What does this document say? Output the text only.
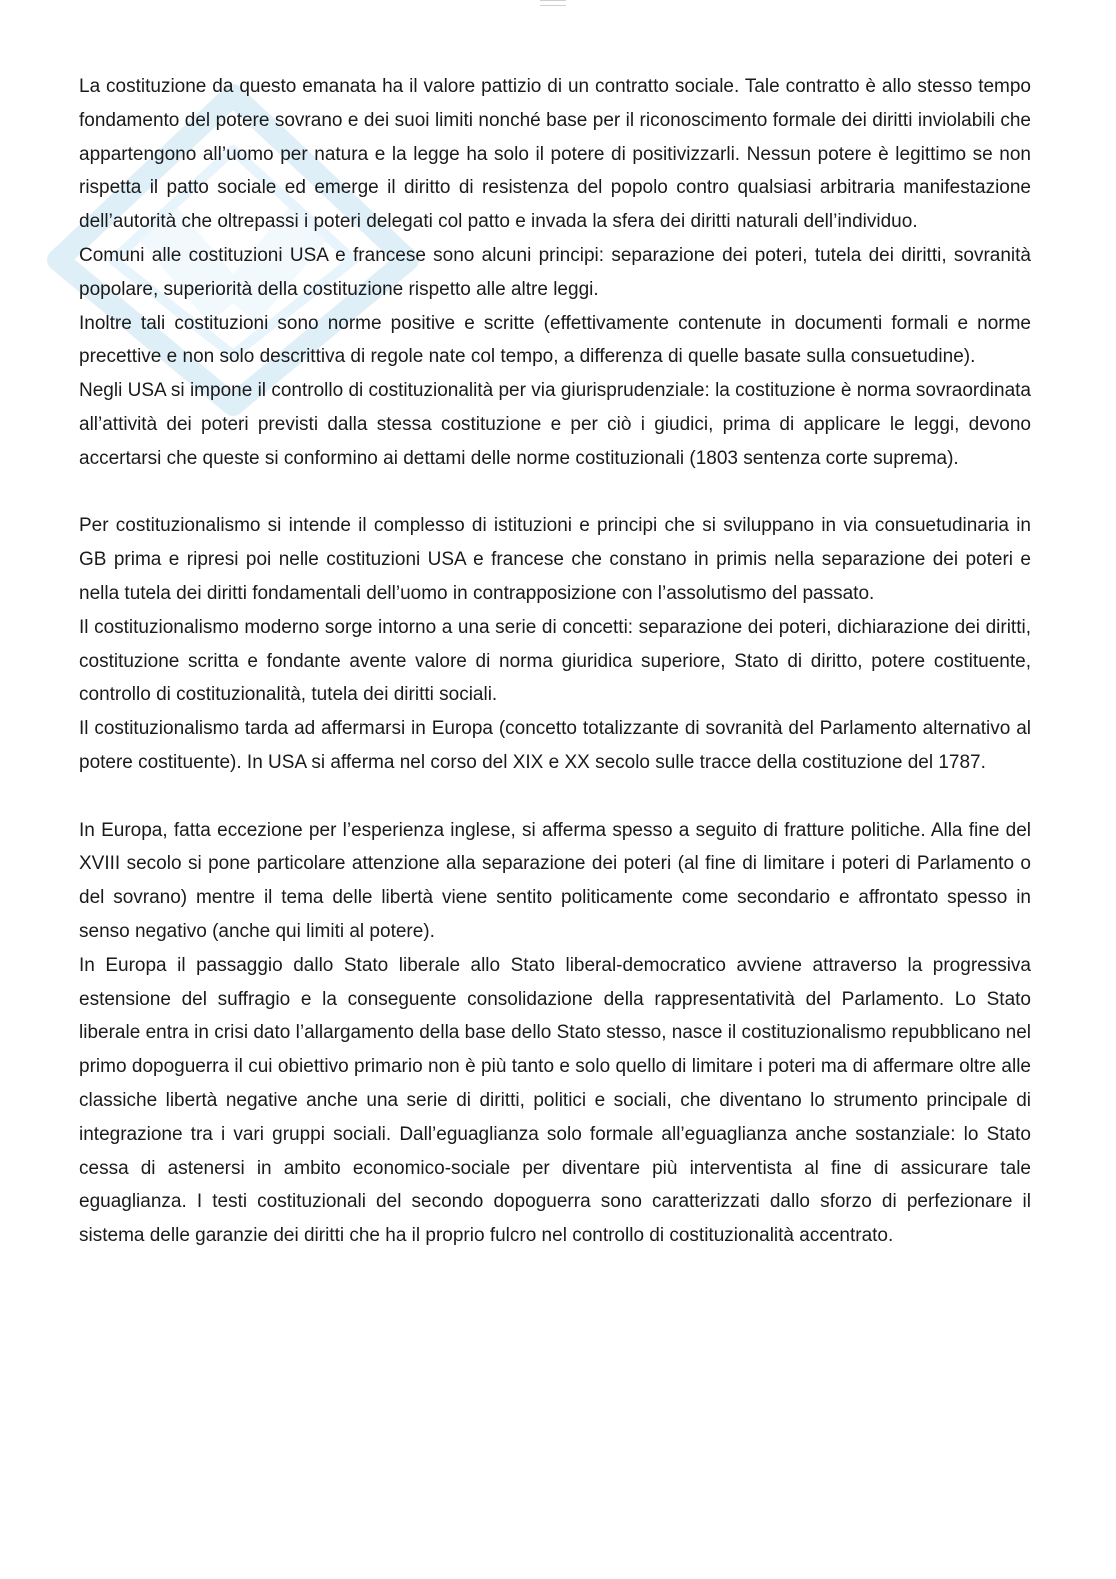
La costituzione da questo emanata ha il valore pattizio di un contratto sociale. Tale contratto è allo stesso tempo fondamento del potere sovrano e dei suoi limiti nonché base per il riconoscimento formale dei diritti inviolabili che appartengono all’uomo per natura e la legge ha solo il potere di positivizzarli. Nessun potere è legittimo se non rispetta il patto sociale ed emerge il diritto di resistenza del popolo contro qualsiasi arbitraria manifestazione dell’autorità che oltrepassi i poteri delegati col patto e invada la sfera dei diritti naturali dell’individuo.

Comuni alle costituzioni USA e francese sono alcuni principi: separazione dei poteri, tutela dei diritti, sovranità popolare, superiorità della costituzione rispetto alle altre leggi.

Inoltre tali costituzioni sono norme positive e scritte (effettivamente contenute in documenti formali e norme precettive e non solo descrittiva di regole nate col tempo, a differenza di quelle basate sulla consuetudine).

Negli USA si impone il controllo di costituzionalità per via giurisprudenziale: la costituzione è norma sovraordinata all’attività dei poteri previsti dalla stessa costituzione e per ciò i giudici, prima di applicare le leggi, devono accertarsi che queste si conformino ai dettami delle norme costituzionali (1803 sentenza corte suprema).

Per costituzionalismo si intende il complesso di istituzioni e principi che si sviluppano in via consuetudinaria in GB prima e ripresi poi nelle costituzioni USA e francese che constano in primis nella separazione dei poteri e nella tutela dei diritti fondamentali dell’uomo in contrapposizione con l’assolutismo del passato.

Il costituzionalismo moderno sorge intorno a una serie di concetti: separazione dei poteri, dichiarazione dei diritti, costituzione scritta e fondante avente valore di norma giuridica superiore, Stato di diritto, potere costituente, controllo di costituzionalità, tutela dei diritti sociali.

Il costituzionalismo tarda ad affermarsi in Europa (concetto totalizzante di sovranità del Parlamento alternativo al potere costituente). In USA si afferma nel corso del XIX e XX secolo sulle tracce della costituzione del 1787.

In Europa, fatta eccezione per l’esperienza inglese, si afferma spesso a seguito di fratture politiche. Alla fine del XVIII secolo si pone particolare attenzione alla separazione dei poteri (al fine di limitare i poteri di Parlamento o del sovrano) mentre il tema delle libertà viene sentito politicamente come secondario e affrontato spesso in senso negativo (anche qui limiti al potere).

In Europa il passaggio dallo Stato liberale allo Stato liberal-democratico avviene attraverso la progressiva estensione del suffragio e la conseguente consolidazione della rappresentatività del Parlamento. Lo Stato liberale entra in crisi dato l’allargamento della base dello Stato stesso, nasce il costituzionalismo repubblicano nel primo dopoguerra il cui obiettivo primario non è più tanto e solo quello di limitare i poteri ma di affermare oltre alle classiche libertà negative anche una serie di diritti, politici e sociali, che diventano lo strumento principale di integrazione tra i vari gruppi sociali. Dall’eguaglianza solo formale all’eguaglianza anche sostanziale: lo Stato cessa di astenersi in ambito economico-sociale per diventare più interventista al fine di assicurare tale eguaglianza. I testi costituzionali del secondo dopoguerra sono caratterizzati dallo sforzo di perfezionare il sistema delle garanzie dei diritti che ha il proprio fulcro nel controllo di costituzionalità accentrato.
